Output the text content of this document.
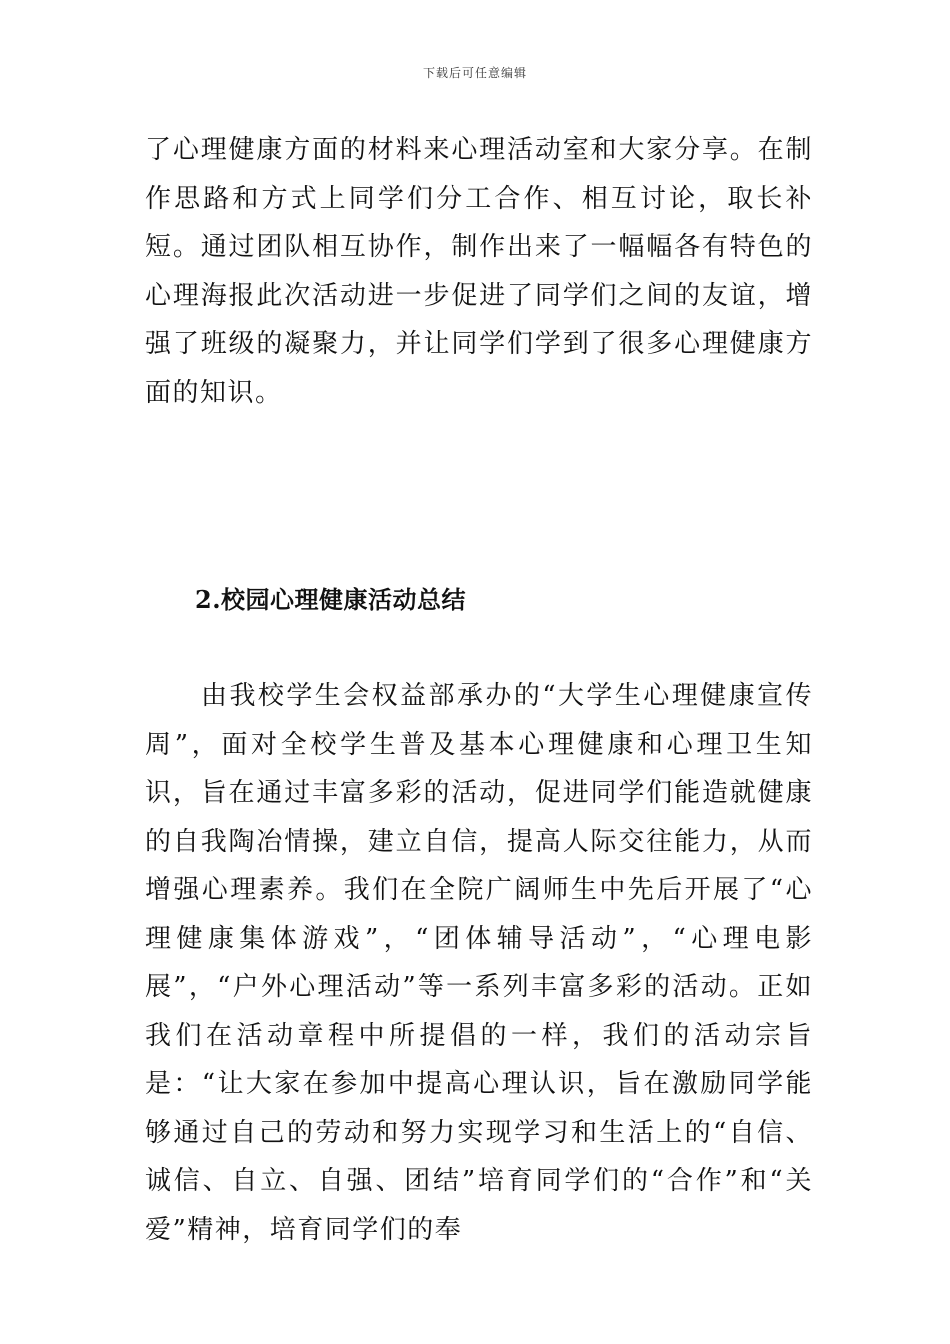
下载后可任意编辑

了心理健康方面的材料来心理活动室和大家分享。在制作思路和方式上同学们分工合作、相互讨论，取长补短。通过团队相互协作，制作出来了一幅幅各有特色的心理海报此次活动进一步促进了同学们之间的友谊，增强了班级的凝聚力，并让同学们学到了很多心理健康方面的知识。

2.校园心理健康活动总结

由我校学生会权益部承办的“大学生心理健康宣传周”，面对全校学生普及基本心理健康和心理卫生知识，旨在通过丰富多彩的活动，促进同学们能造就健康的自我陶冶情操，建立自信，提高人际交往能力，从而增强心理素养。我们在全院广阔师生中先后开展了“心理健康集体游戏”，“团体辅导活动”，“心理电影展”，“户外心理活动”等一系列丰富多彩的活动。正如我们在活动章程中所提倡的一样，我们的活动宗旨是：“让大家在参加中提高心理认识，旨在激励同学能够通过自己的劳动和努力实现学习和生活上的“自信、诚信、自立、自强、团结”培育同学们的“合作”和“关爱”精神，培育同学们的奉
